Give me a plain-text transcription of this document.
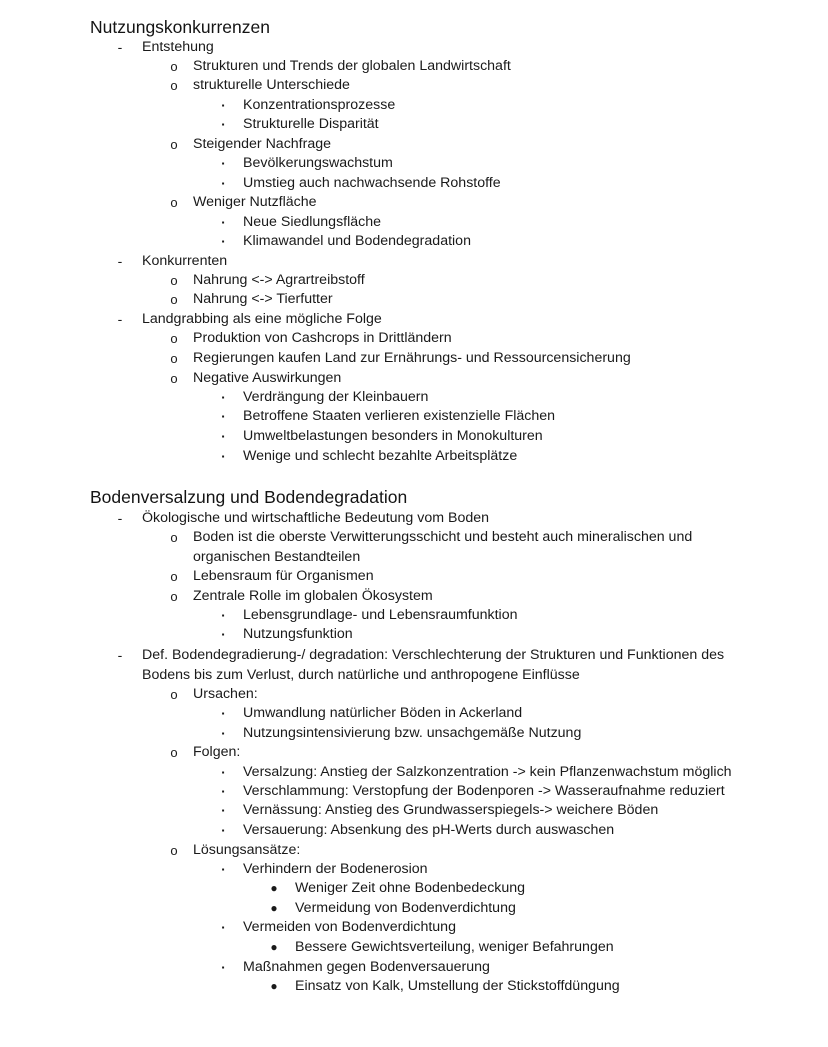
Nutzungskonkurrenzen
- Entstehung
o Strukturen und Trends der globalen Landwirtschaft
o strukturelle Unterschiede
▪ Konzentrationsprozesse
▪ Strukturelle Disparität
o Steigender Nachfrage
▪ Bevölkerungswachstum
▪ Umstieg auch nachwachsende Rohstoffe
o Weniger Nutzfläche
▪ Neue Siedlungsfläche
▪ Klimawandel und Bodendegradation
- Konkurrenten
o Nahrung <-> Agrartreibstoff
o Nahrung <-> Tierfutter
- Landgrabbing als eine mögliche Folge
o Produktion von Cashcrops in Drittländern
o Regierungen kaufen Land zur Ernährungs- und Ressourcensicherung
o Negative Auswirkungen
▪ Verdrängung der Kleinbauern
▪ Betroffene Staaten verlieren existenzielle Flächen
▪ Umweltbelastungen besonders in Monokulturen
▪ Wenige und schlecht bezahlte Arbeitsplätze
Bodenversalzung und Bodendegradation
- Ökologische und wirtschaftliche Bedeutung vom Boden
o Boden ist die oberste Verwitterungsschicht und besteht auch mineralischen und organischen Bestandteilen
o Lebensraum für Organismen
o Zentrale Rolle im globalen Ökosystem
▪ Lebensgrundlage- und Lebensraumfunktion
▪ Nutzungsfunktion
- Def. Bodendegradierung-/ degradation: Verschlechterung der Strukturen und Funktionen des Bodens bis zum Verlust, durch natürliche und anthropogene Einflüsse
o Ursachen:
▪ Umwandlung natürlicher Böden in Ackerland
▪ Nutzungsintensivierung bzw. unsachgemäße Nutzung
o Folgen:
▪ Versalzung: Anstieg der Salzkonzentration -> kein Pflanzenwachstum möglich
▪ Verschlammung: Verstopfung der Bodenporen -> Wasseraufnahme reduziert
▪ Vernässung: Anstieg des Grundwasserspiegels-> weichere Böden
▪ Versauerung: Absenkung des pH-Werts durch auswaschen
o Lösungsansätze:
▪ Verhindern der Bodenerosion
● Weniger Zeit ohne Bodenbedeckung
● Vermeidung von Bodenverdichtung
▪ Vermeiden von Bodenverdichtung
● Bessere Gewichtsverteilung, weniger Befahrungen
▪ Maßnahmen gegen Bodenversauerung
● Einsatz von Kalk, Umstellung der Stickstoffdüngung
